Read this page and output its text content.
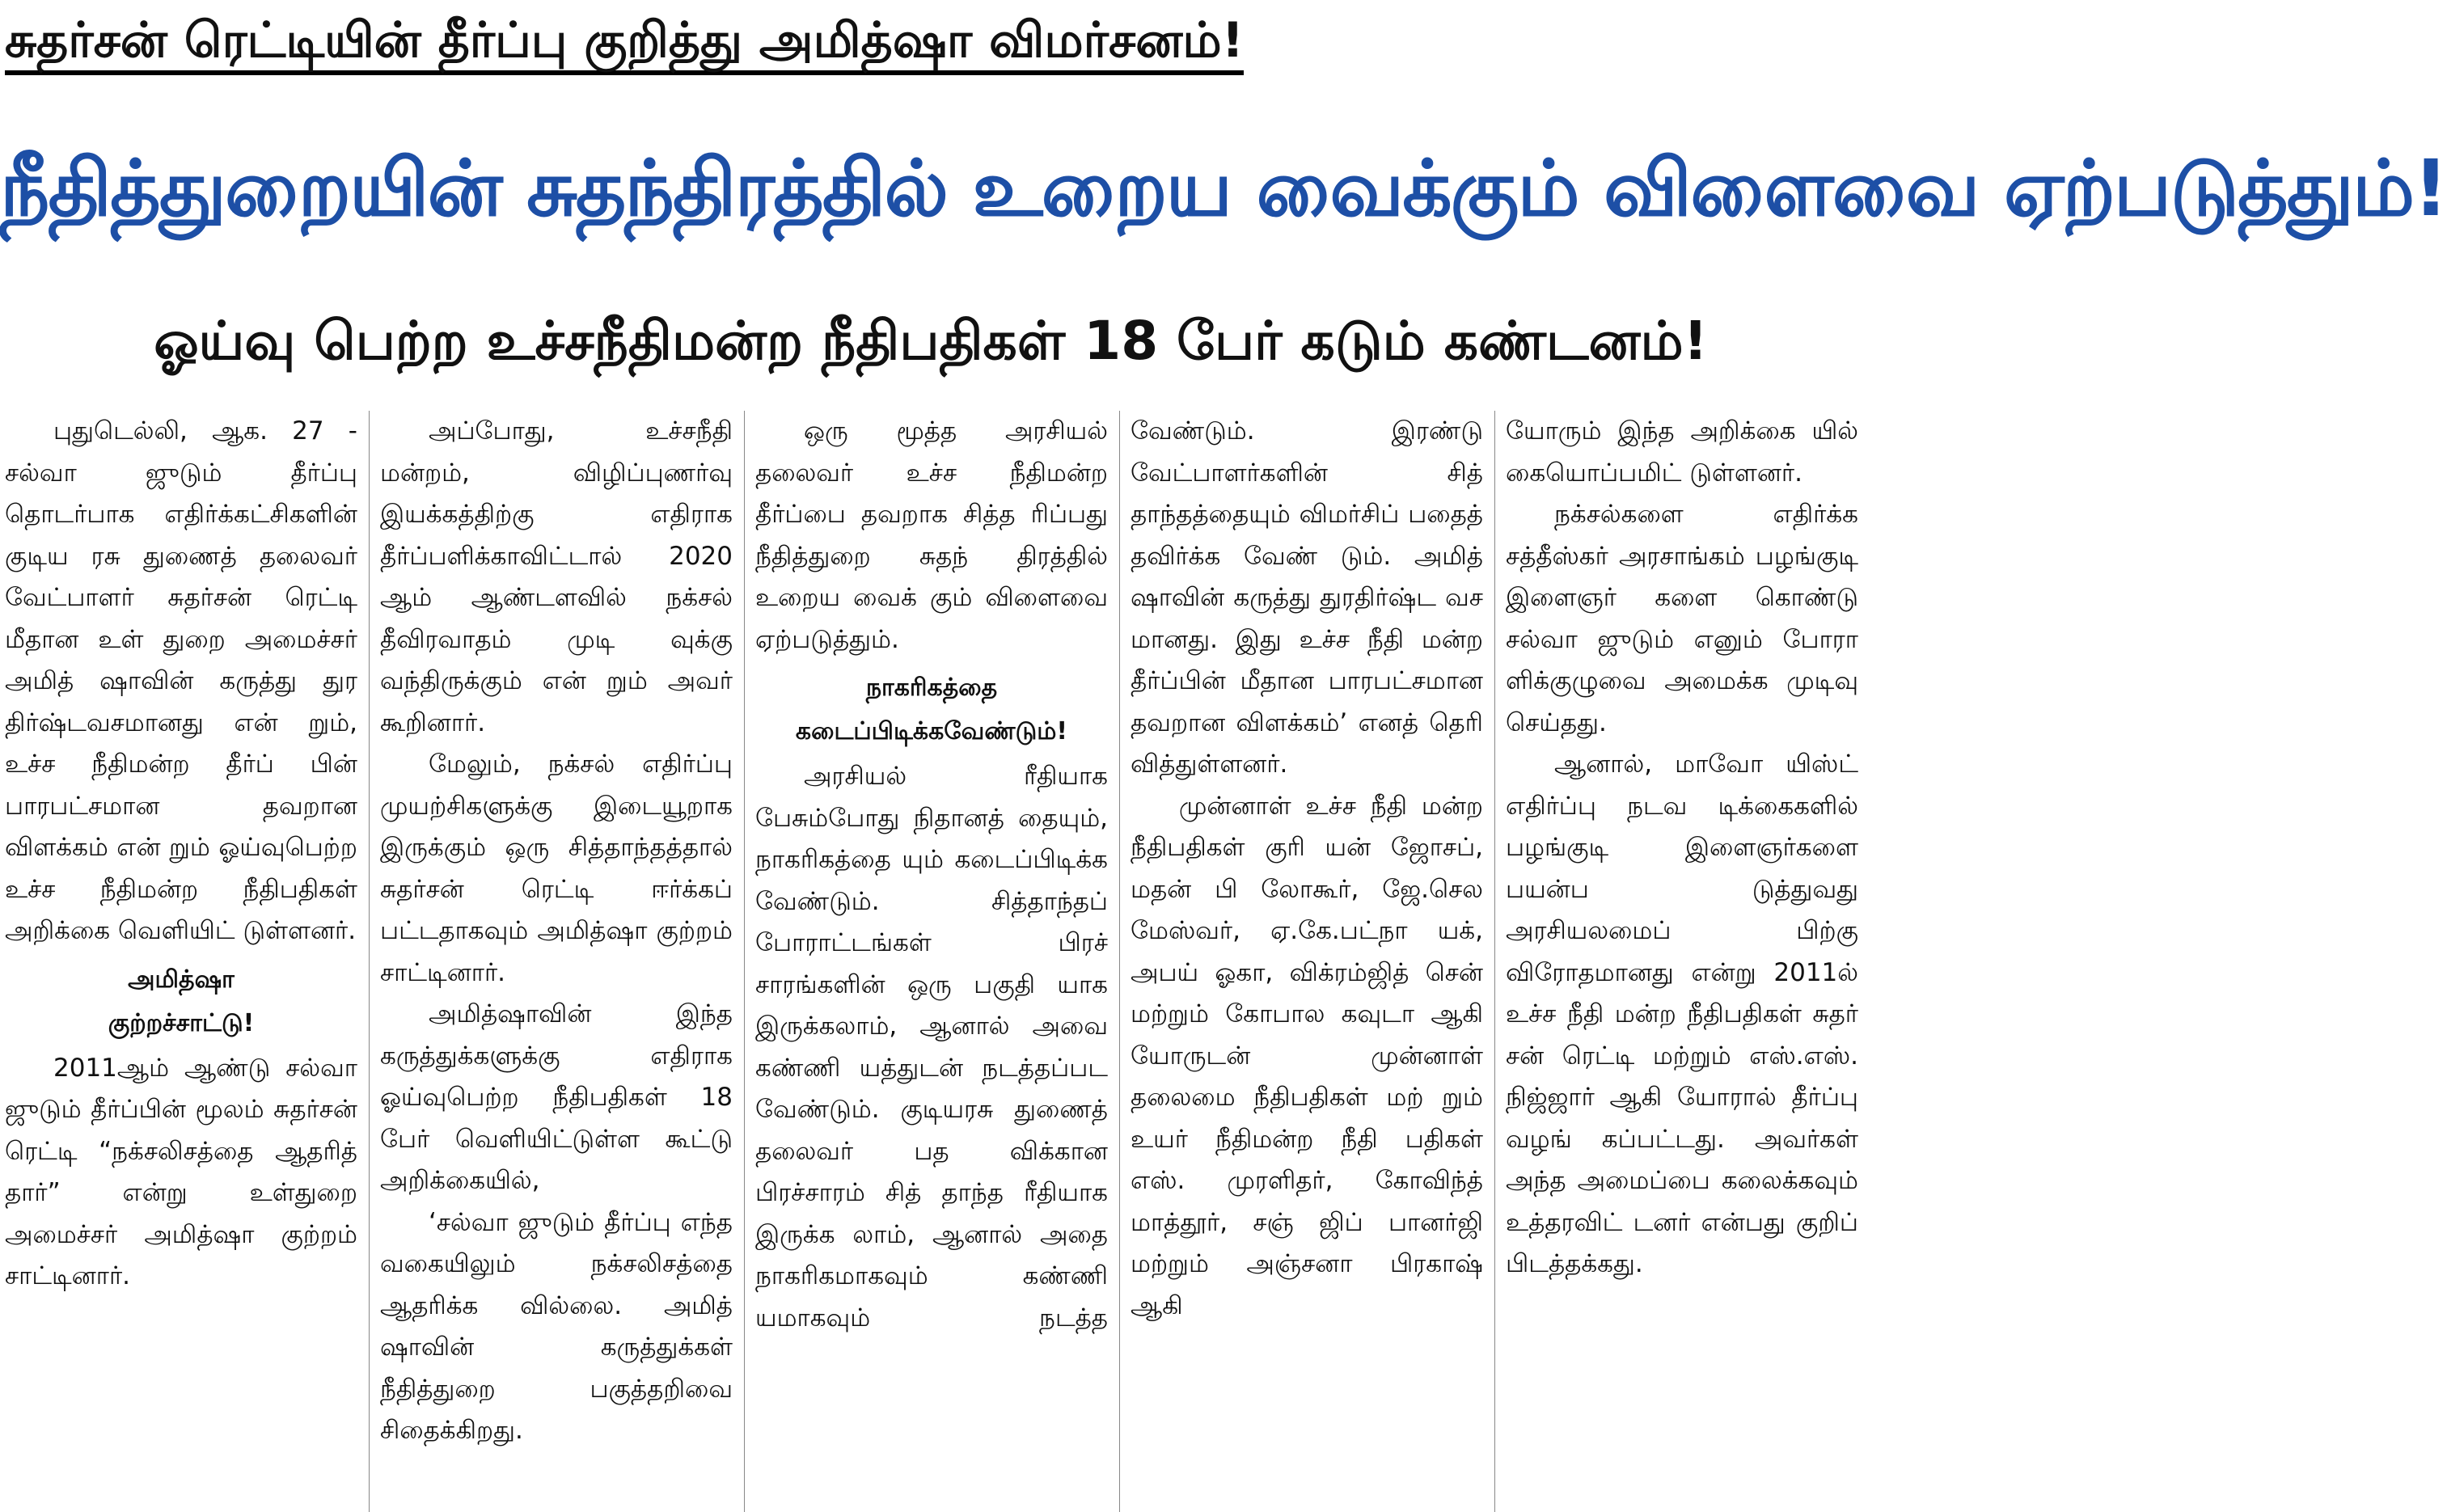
சுதர்சன் ரெட்டியின் தீர்ப்பு குறித்து அமித்ஷா விமர்சனம்!
நீதித்துறையின் சுதந்திரத்தில் உறைய வைக்கும் விளைவை ஏற்படுத்தும்!
ஓய்வு பெற்ற உச்சநீதிமன்ற நீதிபதிகள் 18 பேர் கடும் கண்டனம்!

புதுடெல்லி, ஆக. 27 - சல்வா ஜுடும் தீர்ப்பு தொடர்பாக எதிர்க்கட்சிகளின் குடிய ரசு துணைத் தலைவர் வேட்பாளர் சுதர்சன் ரெட்டி மீதான உள் துறை அமைச்சர் அமித் ஷாவின் கருத்து துர திர்ஷ்டவசமானது என் றும், உச்ச நீதிமன்ற தீர்ப் பின் பாரபட்சமான தவறான விளக்கம் என் றும் ஓய்வுபெற்ற உச்ச நீதிமன்ற நீதிபதிகள் அறிக்கை வெளியிட் டுள்ளனர்.

அமித்ஷா
குற்றச்சாட்டு!

2011ஆம் ஆண்டு சல்வா ஜுடும் தீர்ப்பின் மூலம் சுதர்சன் ரெட்டி “நக்சலிசத்தை ஆதரித் தார்” என்று உள்துறை அமைச்சர் அமித்ஷா குற்றம் சாட்டினார்.

அப்போது, உச்சநீதி மன்றம், விழிப்புணர்வு இயக்கத்திற்கு எதிராக தீர்ப்பளிக்காவிட்டால் 2020 ஆம் ஆண்டளவில் நக்சல் தீவிரவாதம் முடி வுக்கு வந்திருக்கும் என் றும் அவர் கூறினார்.

மேலும், நக்சல் எதிர்ப்பு முயற்சிகளுக்கு இடையூறாக இருக்கும் ஒரு சித்தாந்தத்தால் சுதர்சன் ரெட்டி ஈர்க்கப் பட்டதாகவும் அமித்ஷா குற்றம் சாட்டினார்.

அமித்ஷாவின் இந்த கருத்துக்களுக்கு எதிராக ஓய்வுபெற்ற நீதிபதிகள் 18 பேர் வெளியிட்டுள்ள கூட்டு அறிக்கையில்,

‘சல்வா ஜுடும் தீர்ப்பு எந்த வகையிலும் நக்சலிசத்தை ஆதரிக்க வில்லை. அமித் ஷாவின் கருத்துக்கள் நீதித்துறை பகுத்தறிவை சிதைக்கிறது.

ஒரு மூத்த அரசியல் தலைவர் உச்ச நீதிமன்ற தீர்ப்பை தவறாக சித்த ரிப்பது நீதித்துறை சுதந் திரத்தில் உறைய வைக் கும் விளைவை ஏற்படுத்தும்.

நாகரிகத்தை
கடைப்பிடிக்கவேண்டும்!

அரசியல் ரீதியாக பேசும்போது நிதானத் தையும், நாகரிகத்தை யும் கடைப்பிடிக்க வேண்டும். சித்தாந்தப் போராட்டங்கள் பிரச் சாரங்களின் ஒரு பகுதி யாக இருக்கலாம், ஆனால் அவை கண்ணி யத்துடன் நடத்தப்பட வேண்டும். குடியரசு துணைத் தலைவர் பத விக்கான பிரச்சாரம் சித் தாந்த ரீதியாக இருக்க லாம், ஆனால் அதை நாகரிகமாகவும் கண்ணி யமாகவும் நடத்த

வேண்டும். இரண்டு வேட்பாளர்களின் சித் தாந்தத்தையும் விமர்சிப் பதைத் தவிர்க்க வேண் டும். அமித் ஷாவின் கருத்து துரதிர்ஷ்ட வச மானது. இது உச்ச நீதி மன்ற தீர்ப்பின் மீதான பாரபட்சமான தவறான விளக்கம்’ எனத் தெரி வித்துள்ளனர்.

முன்னாள் உச்ச நீதி மன்ற நீதிபதிகள் குரி யன் ஜோசப், மதன் பி லோகூர், ஜே.செல மேஸ்வர், ஏ.கே.பட்நா யக், அபய் ஓகா, விக்ரம்ஜித் சென் மற்றும் கோபால கவுடா ஆகி யோருடன் முன்னாள் தலைமை நீதிபதிகள் மற் றும் உயர் நீதிமன்ற நீதி பதிகள் எஸ். முரளிதர், கோவிந்த் மாத்தூர், சஞ் ஜிப் பானர்ஜி மற்றும் அஞ்சனா பிரகாஷ் ஆகி

யோரும் இந்த அறிக்கை யில் கையொப்பமிட் டுள்ளனர்.

நக்சல்களை எதிர்க்க சத்தீஸ்கர் அரசாங்கம் பழங்குடி இளைஞர் களை கொண்டு சல்வா ஜுடும் எனும் போரா ளிக்குழுவை அமைக்க முடிவு செய்தது.

ஆனால், மாவோ யிஸ்ட் எதிர்ப்பு நடவ டிக்கைகளில் பழங்குடி இளைஞர்களை பயன்ப டுத்துவது அரசியலமைப் பிற்கு விரோதமானது என்று 2011ல் உச்ச நீதி மன்ற நீதிபதிகள் சுதர் சன் ரெட்டி மற்றும் எஸ்.எஸ். நிஜ்ஜார் ஆகி யோரால் தீர்ப்பு வழங் கப்பட்டது. அவர்கள் அந்த அமைப்பை கலைக்கவும் உத்தரவிட் டனர் என்பது குறிப் பிடத்தக்கது.
